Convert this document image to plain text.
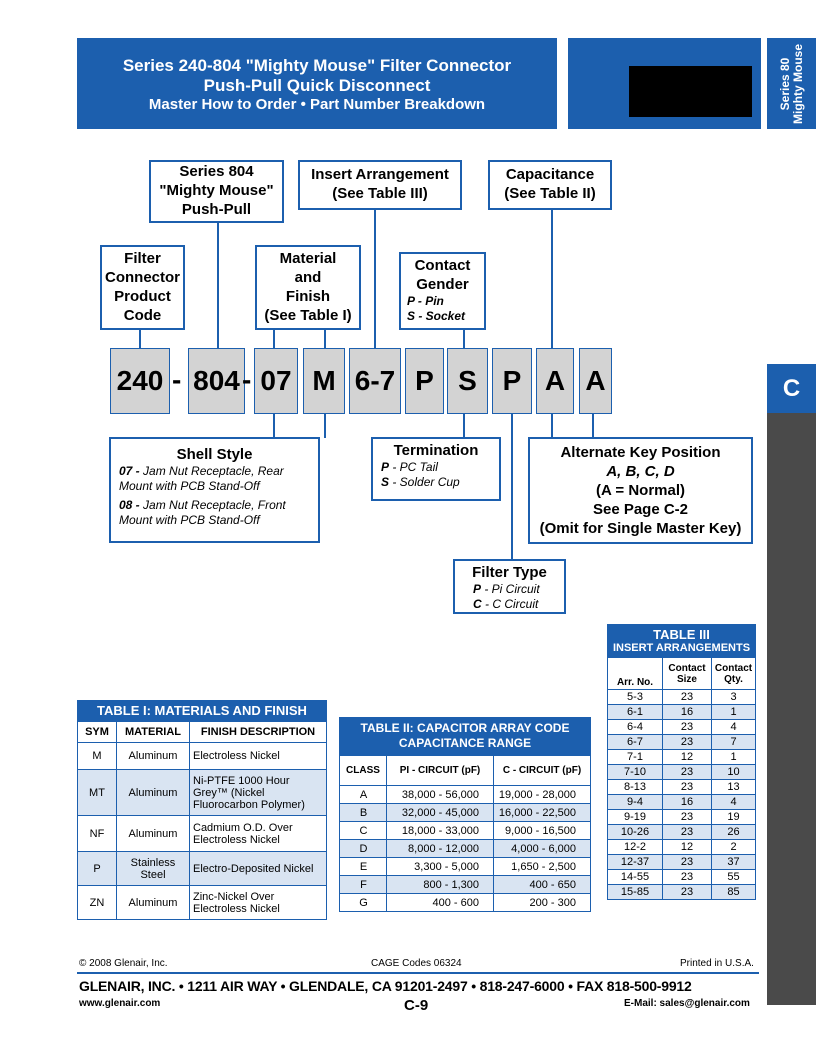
Series 240-804 "Mighty Mouse" Filter Connector
Push-Pull Quick Disconnect
Master How to Order • Part Number Breakdown	Series 80 Mighty Mouse
C
Series 804
"Mighty Mouse"
Push-Pull
Insert Arrangement
(See Table III)
Capacitance
(See Table II)
Filter
Connector
Product
Code
Material
and
Finish
(See Table I)
Contact
Gender
P - Pin
S - Socket
240 - 804 - 07 M 6-7 P S P A A
Shell Style
07 - Jam Nut Receptacle, Rear
Mount with PCB Stand-Off
08 - Jam Nut Receptacle, Front
Mount with PCB Stand-Off
Termination
P - PC Tail
S - Solder Cup
Alternate Key Position
A, B, C, D
(A = Normal)
See Page C-2
(Omit for Single Master Key)
Filter Type
P - Pi Circuit
C - C Circuit
TABLE I: MATERIALS AND FINISH
SYM	MATERIAL	FINISH DESCRIPTION
M	Aluminum	Electroless Nickel
MT	Aluminum	Ni-PTFE 1000 Hour Grey™ (Nickel Fluorocarbon Polymer)
NF	Aluminum	Cadmium O.D. Over Electroless Nickel
P	Stainless Steel	Electro-Deposited Nickel
ZN	Aluminum	Zinc-Nickel Over Electroless Nickel
TABLE II: CAPACITOR ARRAY CODE
CAPACITANCE RANGE
CLASS	PI - CIRCUIT (pF)	C - CIRCUIT (pF)
A	38,000 - 56,000	19,000 - 28,000
B	32,000 - 45,000	16,000 - 22,500
C	18,000 - 33,000	9,000 - 16,500
D	8,000 - 12,000	4,000 - 6,000
E	3,300 - 5,000	1,650 - 2,500
F	800 - 1,300	400 - 650
G	400 - 600	200 - 300
TABLE III
INSERT ARRANGEMENTS
Arr. No.	Contact Size	Contact Qty.
5-3	23	3
6-1	16	1
6-4	23	4
6-7	23	7
7-1	12	1
7-10	23	10
8-13	23	13
9-4	16	4
9-19	23	19
10-26	23	26
12-2	12	2
12-37	23	37
14-55	23	55
15-85	23	85
© 2008 Glenair, Inc.	CAGE Codes 06324	Printed in U.S.A.
GLENAIR, INC. • 1211 AIR WAY • GLENDALE, CA 91201-2497 • 818-247-6000 • FAX 818-500-9912
www.glenair.com	C-9	E-Mail: sales@glenair.com
